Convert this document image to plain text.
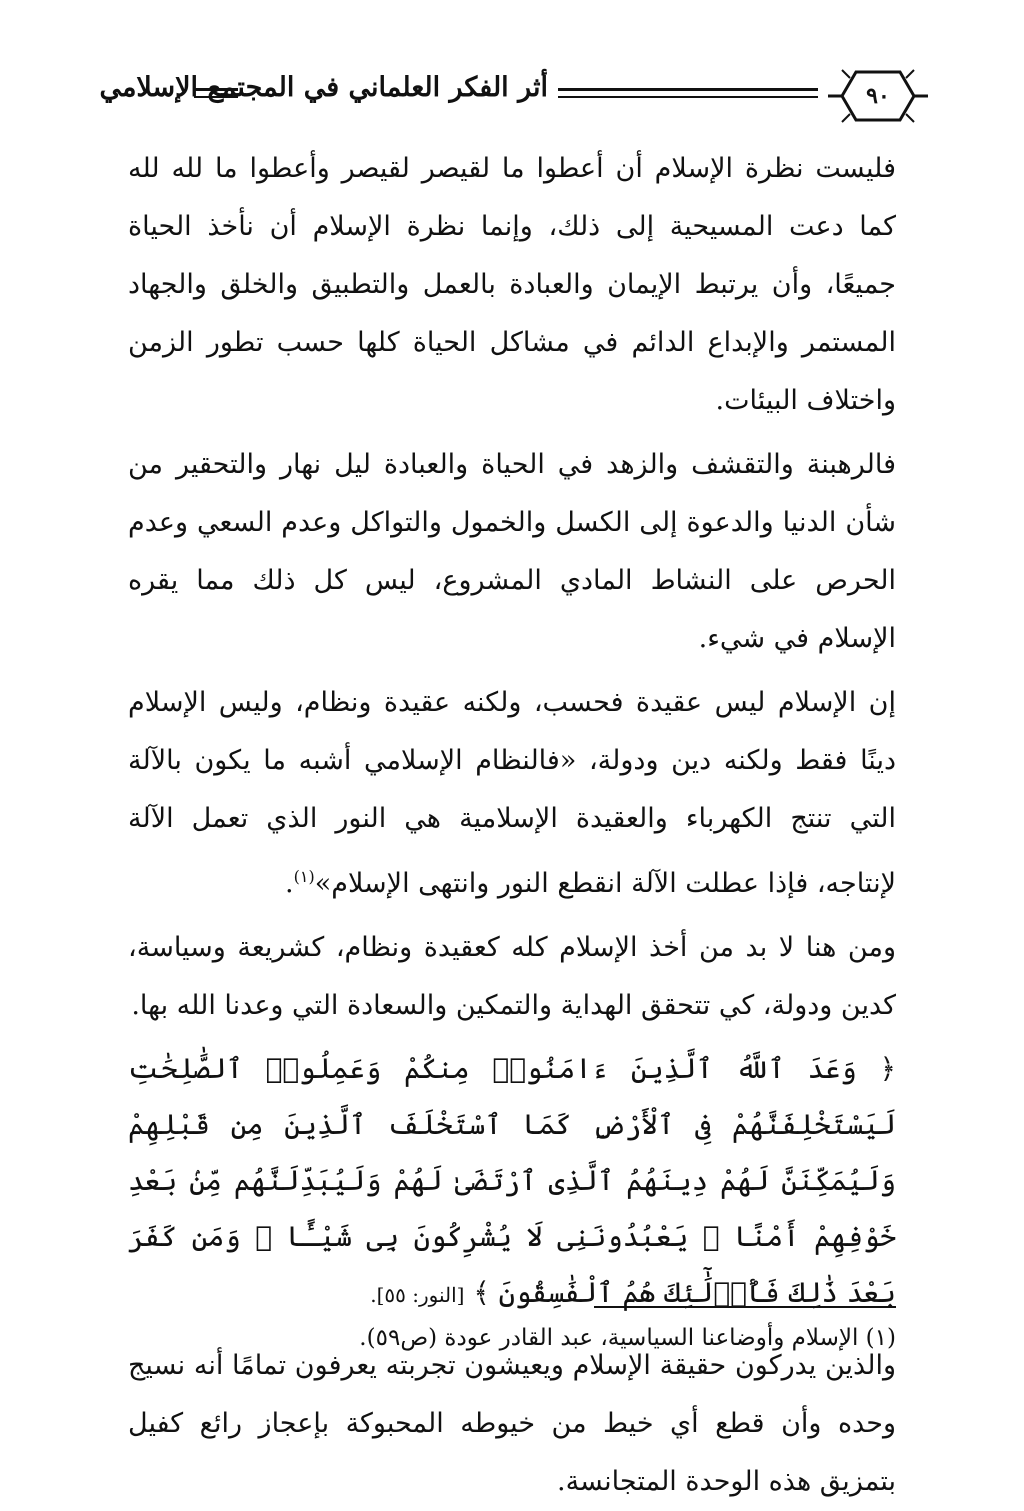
٩٠
أثر الفكر العلماني في المجتمع الإسلامي

فليست نظرة الإسلام أن أعطوا ما لقيصر لقيصر وأعطوا ما لله لله كما دعت المسيحية إلى ذلك، وإنما نظرة الإسلام أن نأخذ الحياة جميعًا، وأن يرتبط الإيمان والعبادة بالعمل والتطبيق والخلق والجهاد المستمر والإبداع الدائم في مشاكل الحياة كلها حسب تطور الزمن واختلاف البيئات.

فالرهبنة والتقشف والزهد في الحياة والعبادة ليل نهار والتحقير من شأن الدنيا والدعوة إلى الكسل والخمول والتواكل وعدم السعي وعدم الحرص على النشاط المادي المشروع، ليس كل ذلك مما يقره الإسلام في شيء.

إن الإسلام ليس عقيدة فحسب، ولكنه عقيدة ونظام، وليس الإسلام دينًا فقط ولكنه دين ودولة، «فالنظام الإسلامي أشبه ما يكون بالآلة التي تنتج الكهرباء والعقيدة الإسلامية هي النور الذي تعمل الآلة لإنتاجه، فإذا عطلت الآلة انقطع النور وانتهى الإسلام»$^{(١)}$.

ومن هنا لا بد من أخذ الإسلام كله كعقيدة ونظام، كشريعة وسياسة، كدين ودولة، كي تتحقق الهداية والتمكين والسعادة التي وعدنا الله بها.

﴿ وَعَدَ ٱللَّهُ ٱلَّذِينَ ءَامَنُوا۟ مِنكُمْ وَعَمِلُوا۟ ٱلصَّٰلِحَٰتِ لَيَسْتَخْلِفَنَّهُمْ فِى ٱلْأَرْضِ كَمَا ٱسْتَخْلَفَ ٱلَّذِينَ مِن قَبْلِهِمْ وَلَيُمَكِّنَنَّ لَهُمْ دِينَهُمُ ٱلَّذِى ٱرْتَضَىٰ لَهُمْ وَلَيُبَدِّلَنَّهُم مِّنۢ بَعْدِ خَوْفِهِمْ أَمْنًا ۚ يَعْبُدُونَنِى لَا يُشْرِكُونَ بِى شَيْـًٔا ۚ وَمَن كَفَرَ بَعْدَ ذَٰلِكَ فَأُو۟لَٰٓئِكَ هُمُ ٱلْفَٰسِقُونَ ﴾ [النور: ٥٥].

والذين يدركون حقيقة الإسلام ويعيشون تجربته يعرفون تمامًا أنه نسيج وحده وأن قطع أي خيط من خيوطه المحبوكة بإعجاز رائع كفيل بتمزيق هذه الوحدة المتجانسة.

(١) الإسلام وأوضاعنا السياسية، عبد القادر عودة (ص٥٩).
